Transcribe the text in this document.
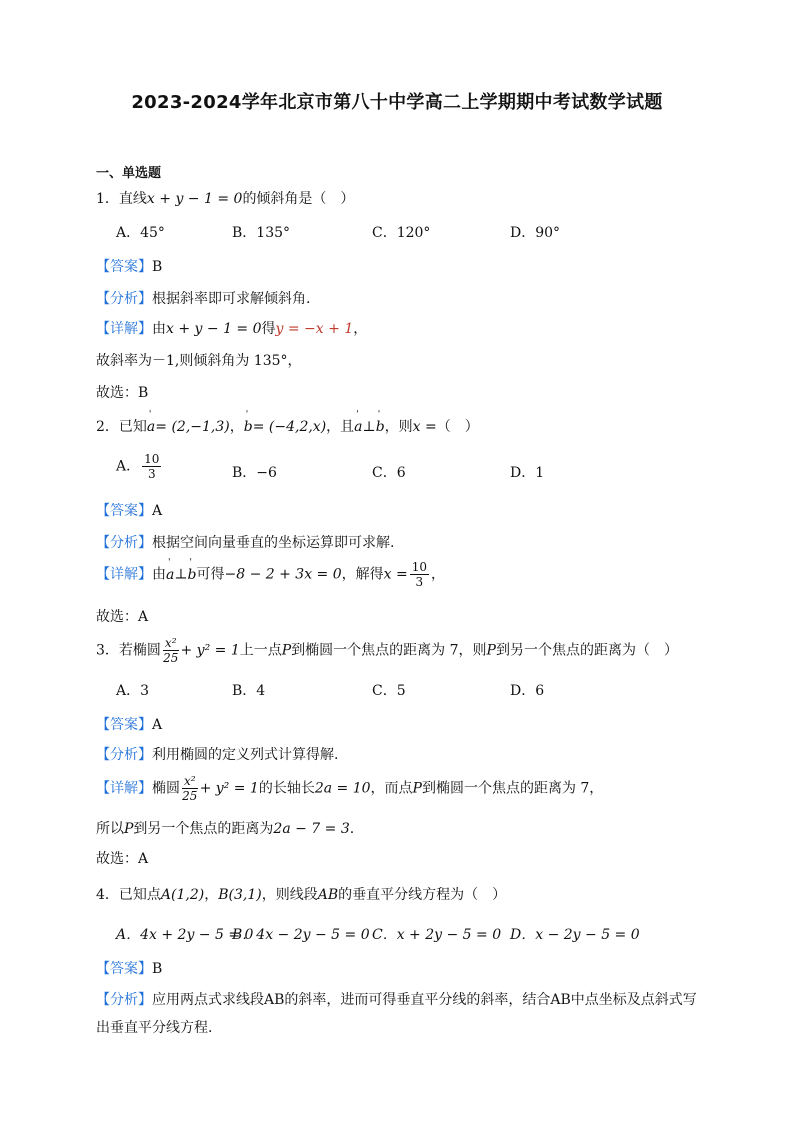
2023-2024学年北京市第八十中学高二上学期期中考试数学试题
一、单选题
1．直线x + y − 1 = 0的倾斜角是（　）
A．45°	B．135°	C．120°	D．90°
【答案】B
【分析】根据斜率即可求解倾斜角.
【详解】由x + y − 1 = 0得y = −x + 1，
故斜率为－1,则倾斜角为 135°，
故选：B
2．已知' a= (2,−1,3)，' b= (−4,2,x)，且' a⊥' b，则x =（　）
A． $\frac{10}{3}$	B．−6	C．6	D．1
【答案】A
【分析】根据空间向量垂直的坐标运算即可求解.
【详解】由' a⊥' b可得−8 − 2 + 3x = 0，解得$x = \frac{10}{3}$ ，
故选：A
3．若椭圆 $\frac{\text{x²}}{25} + y^2 = 1$上一点P到椭圆一个焦点的距离为 7，则P到另一个焦点的距离为（　）
A．3	B．4	C．5	D．6
【答案】A
【分析】利用椭圆的定义列式计算得解.
【详解】椭圆 $\frac{\text{x²}}{25} + y^2 = 1$的长轴长2a = 10，而点P到椭圆一个焦点的距离为 7，
所以P到另一个焦点的距离为2a − 7 = 3.
故选：A
4．已知点A(1,2)，B(3,1)，则线段AB的垂直平分线方程为（　）
A．4x + 2y − 5 = 0
B．4x − 2y − 5 = 0 C．x + 2y − 5 = 0 D．x − 2y − 5 = 0
【答案】B
【分析】应用两点式求线段AB的斜率，进而可得垂直平分线的斜率，结合AB中点坐标及点斜式写出垂直平分线方程.
